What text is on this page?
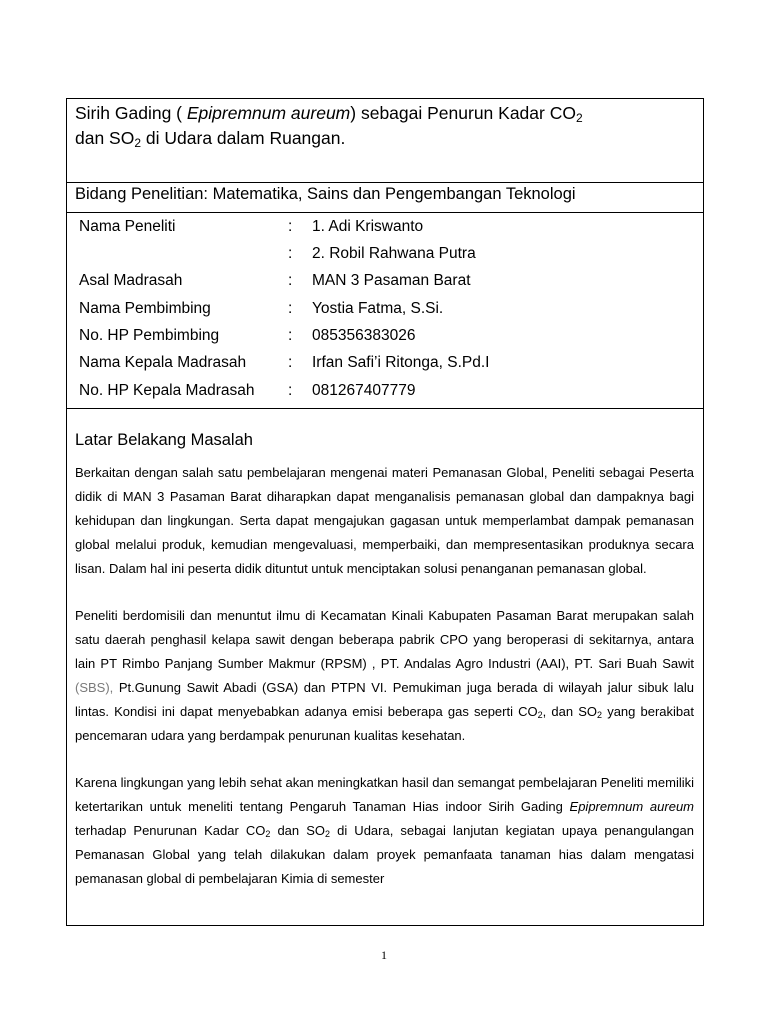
Sirih Gading ( Epipremnum aureum) sebagai Penurun Kadar $CO_2$

dan $SO_2$ di Udara dalam Ruangan.

Bidang Penelitian: Matematika, Sains dan Pengembangan Teknologi
Nama Peneliti	: 1. Adi Kriswanto
: 2. Robil Rahwana Putra
Asal Madrasah	: MAN 3 Pasaman Barat
Nama Pembimbing	: Yostia Fatma, S.Si.
No. HP Pembimbing	: 085356383026
Nama Kepala Madrasah	: Irfan Safi’i Ritonga, S.Pd.I
No. HP Kepala Madrasah : 081267407779
Latar Belakang Masalah

Berkaitan dengan salah satu pembelajaran mengenai materi Pemanasan Global, Peneliti sebagai Peserta didik di MAN 3 Pasaman Barat diharapkan dapat menganalisis pemanasan global dan dampaknya bagi kehidupan dan lingkungan. Serta dapat mengajukan gagasan untuk memperlambat dampak pemanasan global melalui produk, kemudian mengevaluasi, memperbaiki, dan mempresentasikan produknya secara lisan. Dalam hal ini peserta didik dituntut untuk menciptakan solusi penanganan pemanasan global.

Peneliti berdomisili dan menuntut ilmu di Kecamatan Kinali Kabupaten Pasaman Barat merupakan salah satu daerah penghasil kelapa sawit dengan beberapa pabrik CPO yang beroperasi di sekitarnya, antara lain PT Rimbo Panjang Sumber Makmur (RPSM) , PT. Andalas Agro Industri (AAI), PT. Sari Buah Sawit (SBS), Pt.Gunung Sawit Abadi (GSA) dan PTPN VI. Pemukiman juga berada di wilayah jalur sibuk lalu lintas. Kondisi ini dapat menyebabkan adanya emisi beberapa gas seperti $CO_2$, dan $SO_2$ yang berakibat pencemaran udara yang berdampak penurunan kualitas kesehatan.

Karena lingkungan yang lebih sehat akan meningkatkan hasil dan semangat pembelajaran Peneliti memiliki ketertarikan untuk meneliti tentang Pengaruh Tanaman Hias indoor Sirih Gading Epipremnum aureum terhadap Penurunan Kadar $CO_2$ dan $SO_2$ di Udara, sebagai lanjutan kegiatan upaya penangulangan Pemanasan Global yang telah dilakukan dalam proyek pemanfaata tanaman hias dalam mengatasi pemanasan global di pembelajaran Kimia di semester

1
